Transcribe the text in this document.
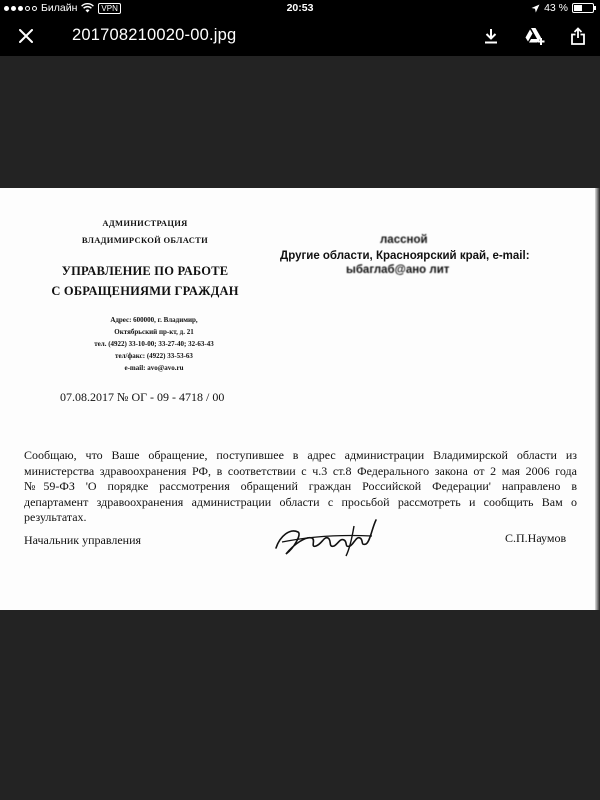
Билайн	VPN	20:53	43 %
201708210020-00.jpg
АДМИНИСТРАЦИЯ
ВЛАДИМИРСКОЙ ОБЛАСТИ
УПРАВЛЕНИЕ ПО РАБОТЕ
С ОБРАЩЕНИЯМИ ГРАЖДАН
Адрес: 600000, г. Владимир,
Октябрьский пр-кт, д. 21
тел. (4922) 33-10-00; 33-27-40; 32-63-43
тел/факс: (4922) 33-53-63
e-mail: avo@avo.ru
07.08.2017 № ОГ - 09 - 4718 / 00
лассной
Другие области, Красноярский край, e-mail:
ыбаглаб@ано лит
Сообщаю, что Ваше обращение, поступившее в адрес администрации Владимирской области из
министерства здравоохранения РФ, в соответствии с ч.3 ст.8 Федерального закона от 2 мая 2006 года
№59-ФЗ 'О порядке рассмотрения обращений граждан Российской Федерации' направлено в
департамент здравоохранения администрации области с просьбой рассмотреть и сообщить Вам о
результатах.
Начальник управления	С.П.Наумов
